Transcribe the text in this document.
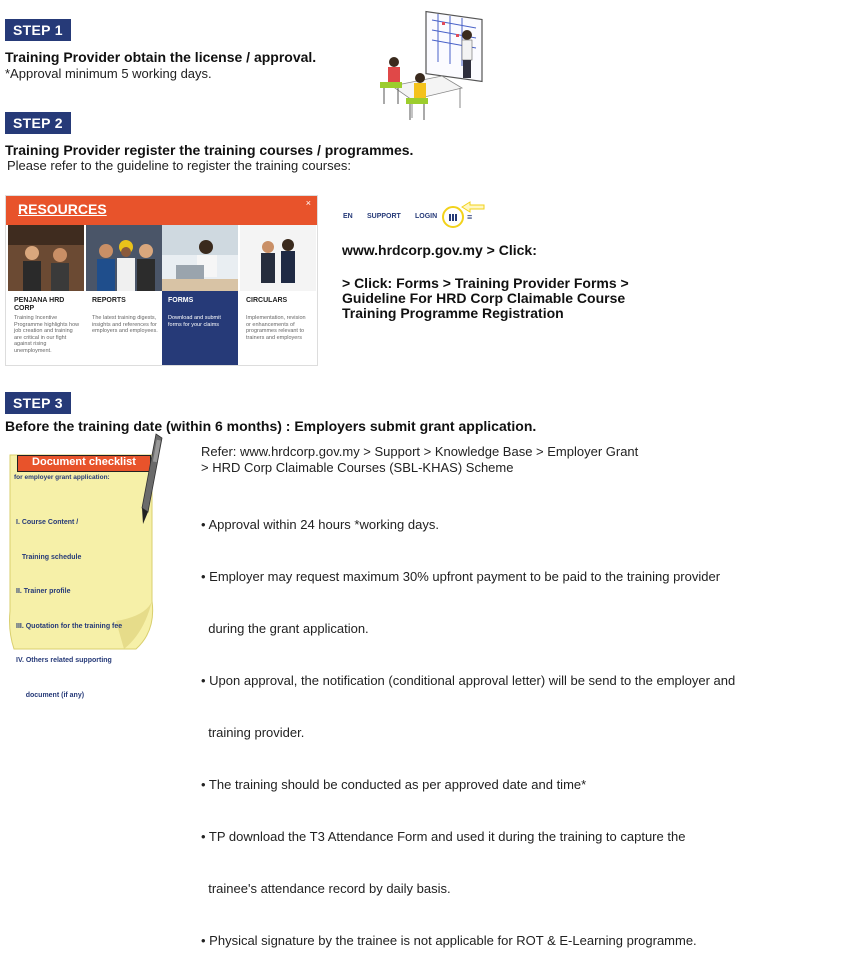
STEP 1
Training Provider obtain the license / approval.
*Approval minimum 5 working days.
STEP 2
Training Provider register the training courses / programmes.
Please refer to the guideline to register the training courses:
RESOURCES	×
PENJANA HRD CORP
Training Incentive Programme highlights how job creation and training are critical in our fight against rising unemployment.
REPORTS
The latest training digests, insights and references for employers and employees.
FORMS
Download and submit forms for your claims
CIRCULARS
Implementation, revision or enhancements of programmes relevant to trainers and employers
EN SUPPORT LOGIN	≡
www.hrdcorp.gov.my > Click:
> Click: Forms > Training Provider Forms >
Guideline For HRD Corp Claimable Course
Training Programme Registration
STEP 3
Before the training date (within 6 months) : Employers submit grant application.
Document checklist
for employer grant application:

I. Course Content /

Training schedule

II. Trainer profile

III. Quotation for the training fee

IV. Others related supporting

document (if any)

Refer: www.hrdcorp.gov.my > Support > Knowledge Base > Employer Grant
> HRD Corp Claimable Courses (SBL-KHAS) Scheme

• Approval within 24 hours *working days.

• Employer may request maximum 30% upfront payment to be paid to the training provider

during the grant application.

• Upon approval, the notification (conditional approval letter) will be send to the employer and

training provider.

• The training should be conducted as per approved date and time*

• TP download the T3 Attendance Form and used it during the training to capture the

trainee's attendance record by daily basis.

• Physical signature by the trainee is not applicable for ROT & E-Learning programme.
